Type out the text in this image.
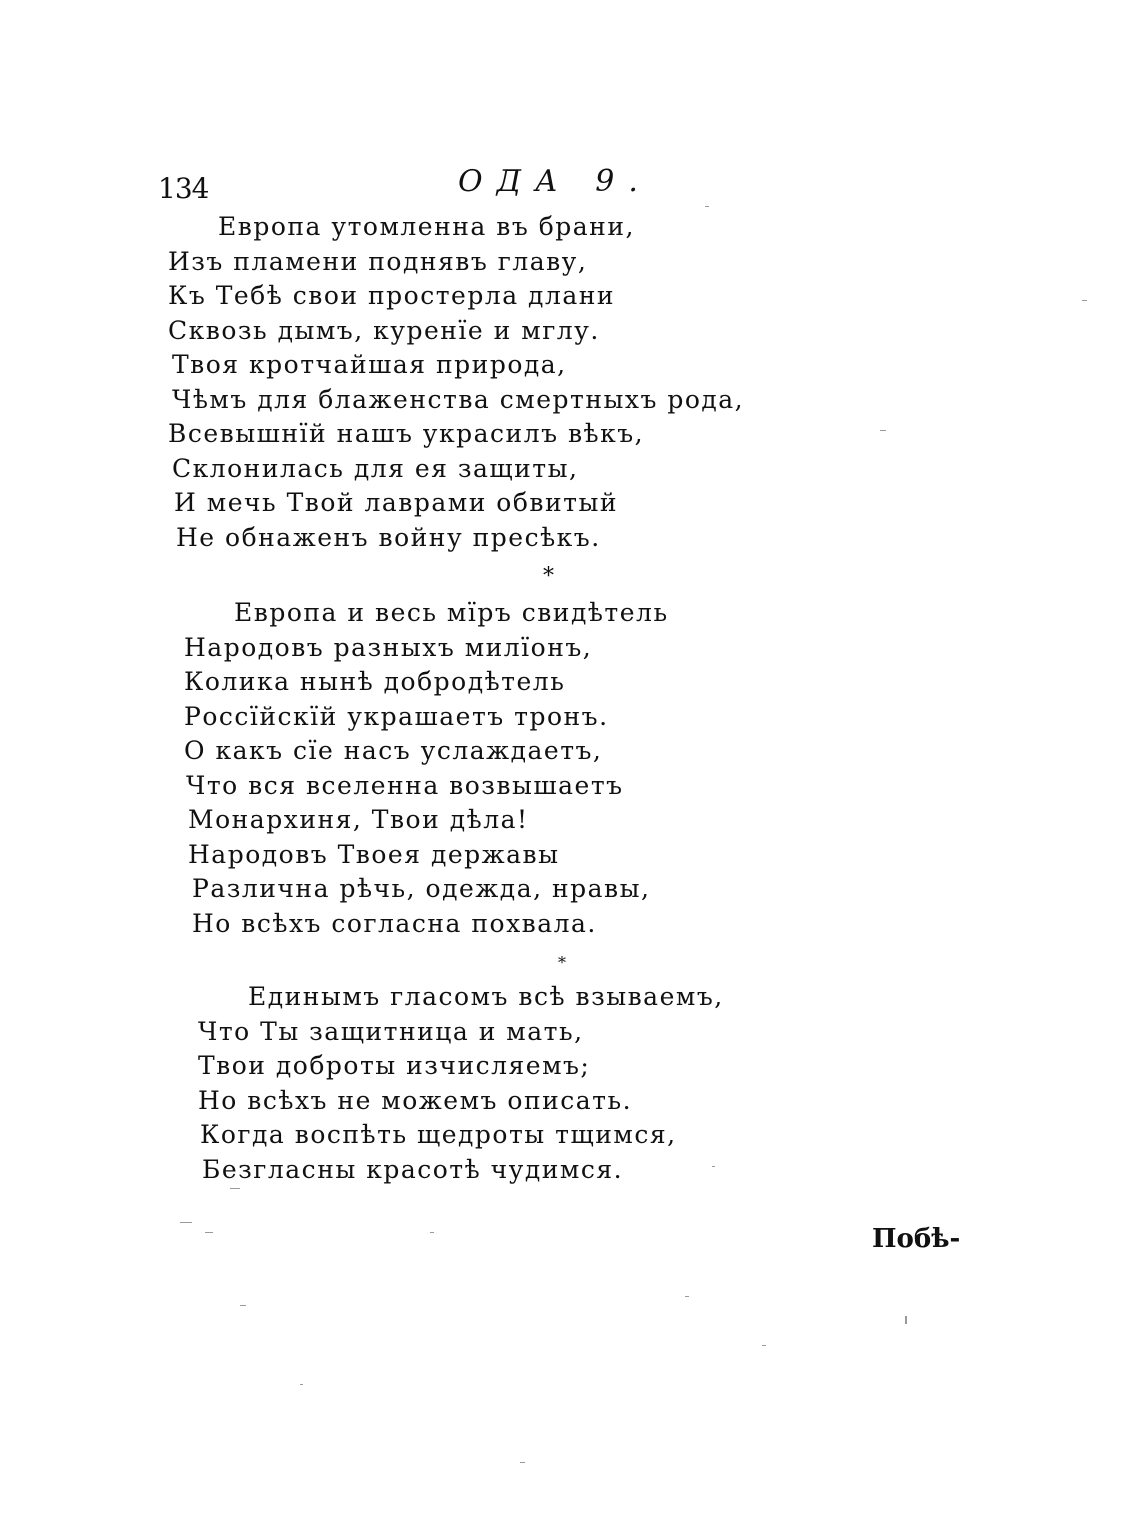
134	ОДА 9.
Европа утомленна въ брани,
Изъ пламени поднявъ главу,
Къ Тебѣ свои простерла длани
Сквозь дымъ, куренїе и мглу.
Твоя кротчайшая природа,
Чѣмъ для блаженства смертныхъ рода,
Всевышнїй нашъ украсилъ вѣкъ,
Склонилась для ея защиты,
И мечь Твой лаврами обвитый
Не обнаженъ войну пресѣкъ.
*
Европа и весь мїръ свидѣтель
Народовъ разныхъ милїонъ,
Колика нынѣ добродѣтель
Россїйскїй украшаетъ тронъ.
О какъ сїе насъ услаждаетъ,
Что вся вселенна возвышаетъ
Монархиня, Твои дѣла!
Народовъ Твоея державы
Различна рѣчь, одежда, нравы,
Но всѣхъ согласна похвала.
*
Единымъ гласомъ всѣ взываемъ,
Что Ты защитница и мать,
Твои доброты изчисляемъ;
Но всѣхъ не можемъ описать.
Когда воспѣть щедроты тщимся,
Безгласны красотѣ чудимся.
Побѣ-
